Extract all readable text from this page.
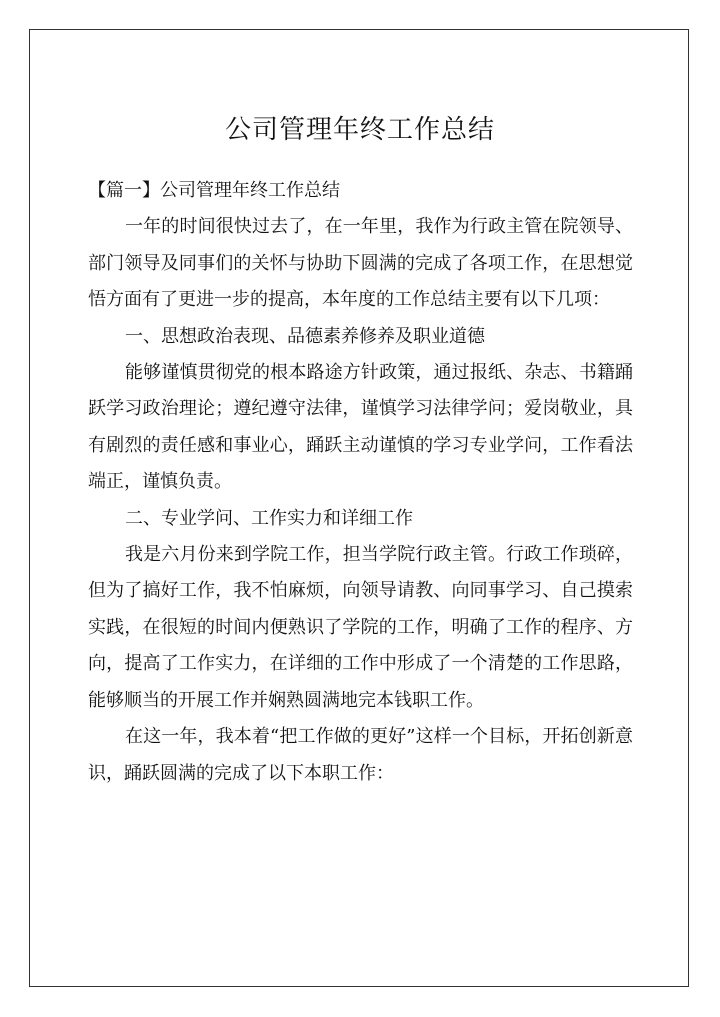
公司管理年终工作总结

【篇一】公司管理年终工作总结

一年的时间很快过去了，在一年里，我作为行政主管在院领导、部门领导及同事们的关怀与协助下圆满的完成了各项工作，在思想觉悟方面有了更进一步的提高，本年度的工作总结主要有以下几项：

一、思想政治表现、品德素养修养及职业道德

能够谨慎贯彻党的根本路途方针政策，通过报纸、杂志、书籍踊跃学习政治理论；遵纪遵守法律，谨慎学习法律学问；爱岗敬业，具有剧烈的责任感和事业心，踊跃主动谨慎的学习专业学问，工作看法端正，谨慎负责。

二、专业学问、工作实力和详细工作

我是六月份来到学院工作，担当学院行政主管。行政工作琐碎，但为了搞好工作，我不怕麻烦，向领导请教、向同事学习、自己摸索实践，在很短的时间内便熟识了学院的工作，明确了工作的程序、方向，提高了工作实力，在详细的工作中形成了一个清楚的工作思路，能够顺当的开展工作并娴熟圆满地完本钱职工作。

在这一年，我本着“把工作做的更好”这样一个目标，开拓创新意识，踊跃圆满的完成了以下本职工作：
